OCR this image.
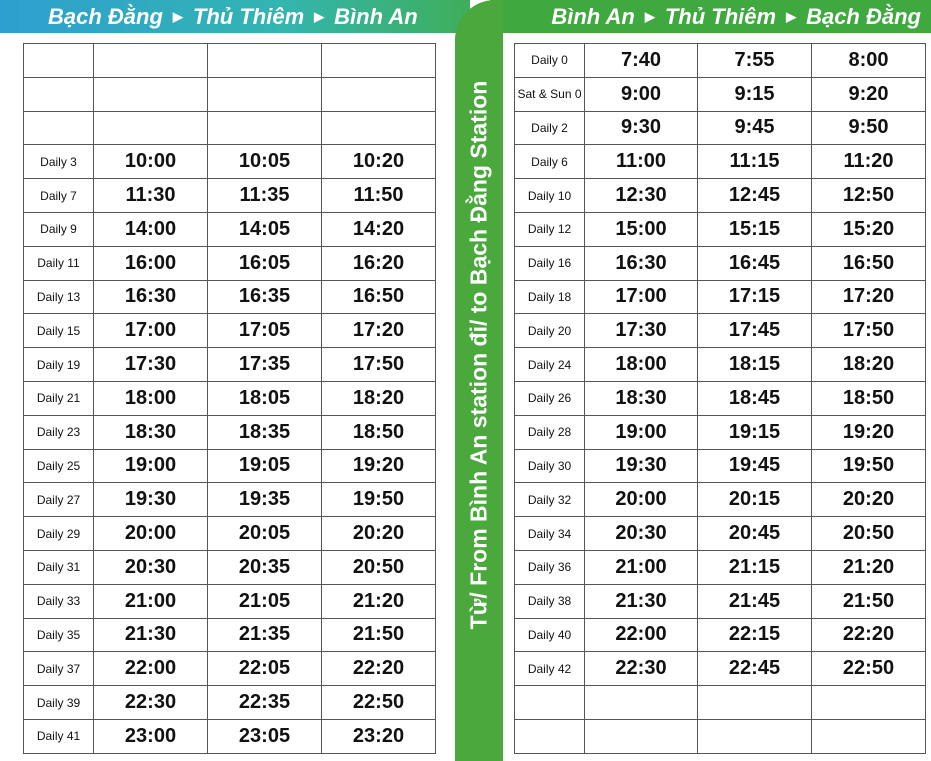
Bạch Đằng ▶ Thủ Thiêm ▶ Bình An	Bình An ▶ Thủ Thiêm ▶ Bạch Đằng
Từ/ From Bình An station đi/ to Bạch Đằng Station

Daily 3	10:00	10:05	10:20
Daily 7	11:30	11:35	11:50
Daily 9	14:00	14:05	14:20
Daily 11	16:00	16:05	16:20
Daily 13	16:30	16:35	16:50
Daily 15	17:00	17:05	17:20
Daily 19	17:30	17:35	17:50
Daily 21	18:00	18:05	18:20
Daily 23	18:30	18:35	18:50
Daily 25	19:00	19:05	19:20
Daily 27	19:30	19:35	19:50
Daily 29	20:00	20:05	20:20
Daily 31	20:30	20:35	20:50
Daily 33	21:00	21:05	21:20
Daily 35	21:30	21:35	21:50
Daily 37	22:00	22:05	22:20
Daily 39	22:30	22:35	22:50
Daily 41	23:00	23:05	23:20
Daily 0	7:40	7:55	8:00
Sat & Sun 0	9:00	9:15	9:20
Daily 2	9:30	9:45	9:50
Daily 6	11:00	11:15	11:20
Daily 10	12:30	12:45	12:50
Daily 12	15:00	15:15	15:20
Daily 16	16:30	16:45	16:50
Daily 18	17:00	17:15	17:20
Daily 20	17:30	17:45	17:50
Daily 24	18:00	18:15	18:20
Daily 26	18:30	18:45	18:50
Daily 28	19:00	19:15	19:20
Daily 30	19:30	19:45	19:50
Daily 32	20:00	20:15	20:20
Daily 34	20:30	20:45	20:50
Daily 36	21:00	21:15	21:20
Daily 38	21:30	21:45	21:50
Daily 40	22:00	22:15	22:20
Daily 42	22:30	22:45	22:50
